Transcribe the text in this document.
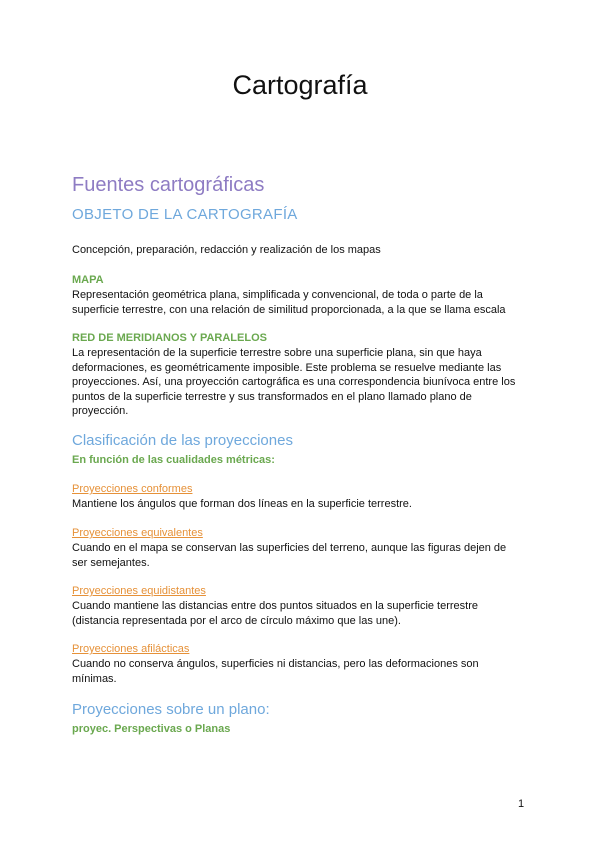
Cartografía
Fuentes cartográficas
OBJETO DE LA CARTOGRAFÍA

Concepción, preparación, redacción y realización de los mapas

MAPA

Representación geométrica plana, simplificada y convencional, de toda o parte de la

superficie terrestre, con una relación de similitud proporcionada, a la que se llama escala

RED DE MERIDIANOS Y PARALELOS

La representación de la superficie terrestre sobre una superficie plana, sin que haya

deformaciones, es geométricamente imposible. Este problema se resuelve mediante las

proyecciones. Así, una proyección cartográfica es una correspondencia biunívoca entre los

puntos de la superficie terrestre y sus transformados en el plano llamado plano de

proyección.

Clasificación de las proyecciones

En función de las cualidades métricas:

Proyecciones conformes

Mantiene los ángulos que forman dos líneas en la superficie terrestre.

Proyecciones equivalentes

Cuando en el mapa se conservan las superficies del terreno, aunque las figuras dejen de

ser semejantes.

Proyecciones equidistantes

Cuando mantiene las distancias entre dos puntos situados en la superficie terrestre

(distancia representada por el arco de círculo máximo que las une).

Proyecciones afilácticas

Cuando no conserva ángulos, superficies ni distancias, pero las deformaciones son

mínimas.

Proyecciones sobre un plano:

proyec. Perspectivas o Planas

1
